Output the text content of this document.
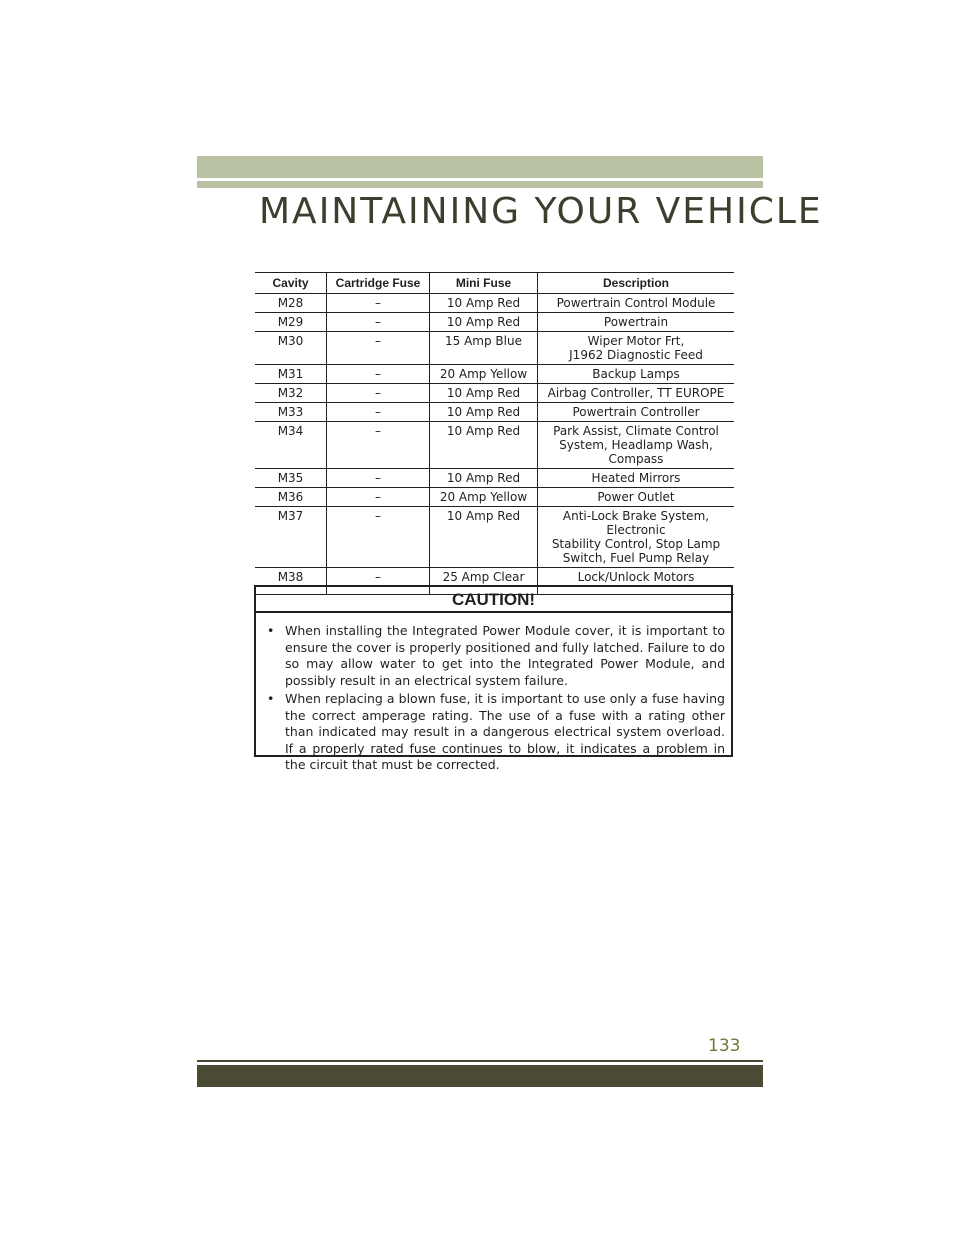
MAINTAINING YOUR VEHICLE
Cavity	Cartridge Fuse	Mini Fuse	Description
M28	–	10 Amp Red	Powertrain Control Module

M29	–	10 Amp Red	Powertrain

M30	–	15 Amp Blue	Wiper Motor Frt,
J1962 Diagnostic Feed

M31	–	20 Amp Yellow	Backup Lamps

M32	–	10 Amp Red	Airbag Controller, TT EUROPE

M33	–	10 Amp Red	Powertrain Controller

M34	–	10 Amp Red	Park Assist, Climate Control
System, Headlamp Wash,
Compass

M35	–	10 Amp Red	Heated Mirrors

M36	–	20 Amp Yellow	Power Outlet

M37	–	10 Amp Red	Anti-Lock Brake System, Electronic
Stability Control, Stop Lamp
Switch, Fuel Pump Relay

M38	–	25 Amp Clear	Lock/Unlock Motors
CAUTION!
• When installing the Integrated Power Module cover, it is important to ensure the cover is properly positioned and fully latched. Failure to do so may allow water to get into the Integrated Power Module, and possibly result in an electrical system failure.
• When replacing a blown fuse, it is important to use only a fuse having the correct amperage rating. The use of a fuse with a rating other than indicated may result in a dangerous electrical system overload. If a properly rated fuse continues to blow, it indicates a problem in the circuit that must be corrected.
133
